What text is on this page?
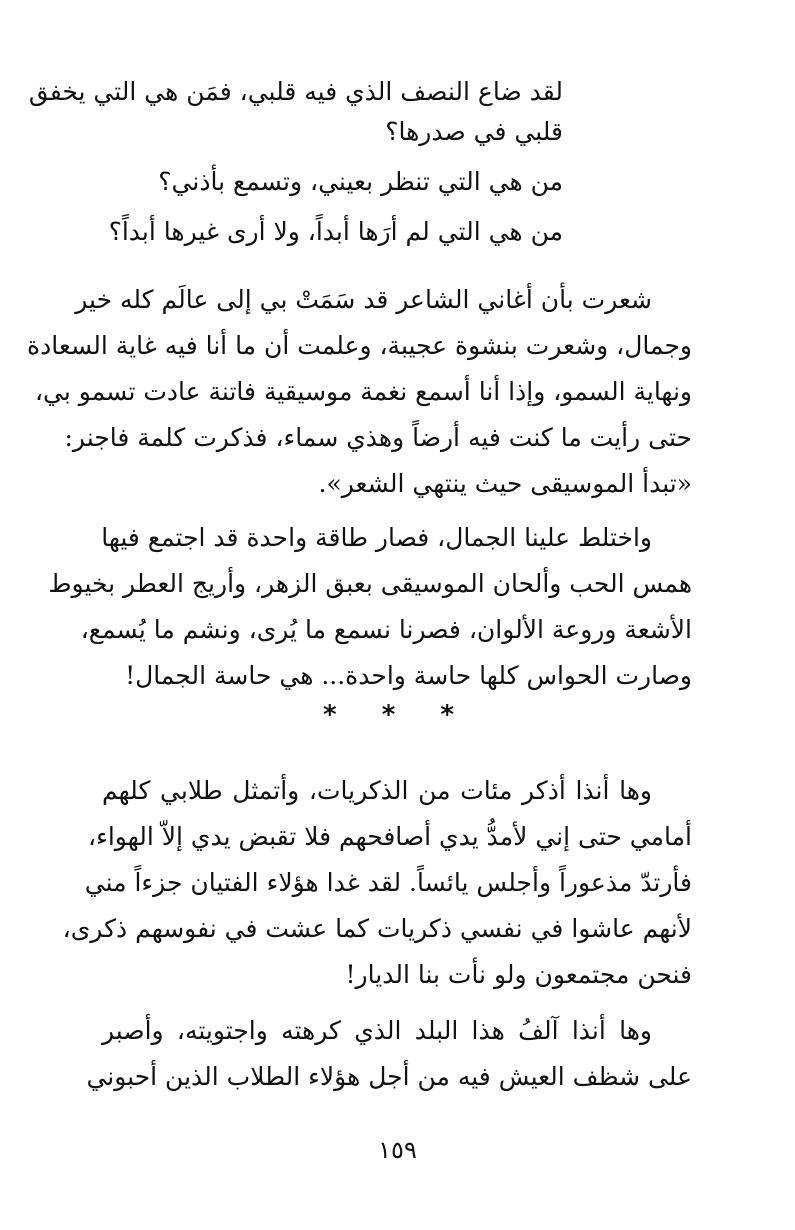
لقد ضاع النصف الذي فيه قلبي، فمَن هي التي يخفق

قلبي في صدرها؟

من هي التي تنظر بعيني، وتسمع بأذني؟

من هي التي لم أرَها أبداً، ولا أرى غيرها أبداً؟

شعرت بأن أغاني الشاعر قد سَمَتْ بي إلى عالَم كله خير
وجمال، وشعرت بنشوة عجيبة، وعلمت أن ما أنا فيه غاية السعادة
ونهاية السمو، وإذا أنا أسمع نغمة موسيقية فاتنة عادت تسمو بي،
حتى رأيت ما كنت فيه أرضاً وهذي سماء، فذكرت كلمة فاجنر:
«تبدأ الموسيقى حيث ينتهي الشعر».

واختلط علينا الجمال، فصار طاقة واحدة قد اجتمع فيها
همس الحب وألحان الموسيقى بعبق الزهر، وأريج العطر بخيوط
الأشعة وروعة الألوان، فصرنا نسمع ما يُرى، ونشم ما يُسمع،
وصارت الحواس كلها حاسة واحدة... هي حاسة الجمال!

* * *

وها أنذا أذكر مئات من الذكريات، وأتمثل طلابي كلهم
أمامي حتى إني لأمدُّ يدي أصافحهم فلا تقبض يدي إلاّ الهواء،
فأرتدّ مذعوراً وأجلس يائساً. لقد غدا هؤلاء الفتيان جزءاً مني
لأنهم عاشوا في نفسي ذكريات كما عشت في نفوسهم ذكرى،
فنحن مجتمعون ولو نأت بنا الديار!

وها أنذا آلفُ هذا البلد الذي كرهته واجتويته، وأصبر
على شظف العيش فيه من أجل هؤلاء الطلاب الذين أحبوني

١٥٩
